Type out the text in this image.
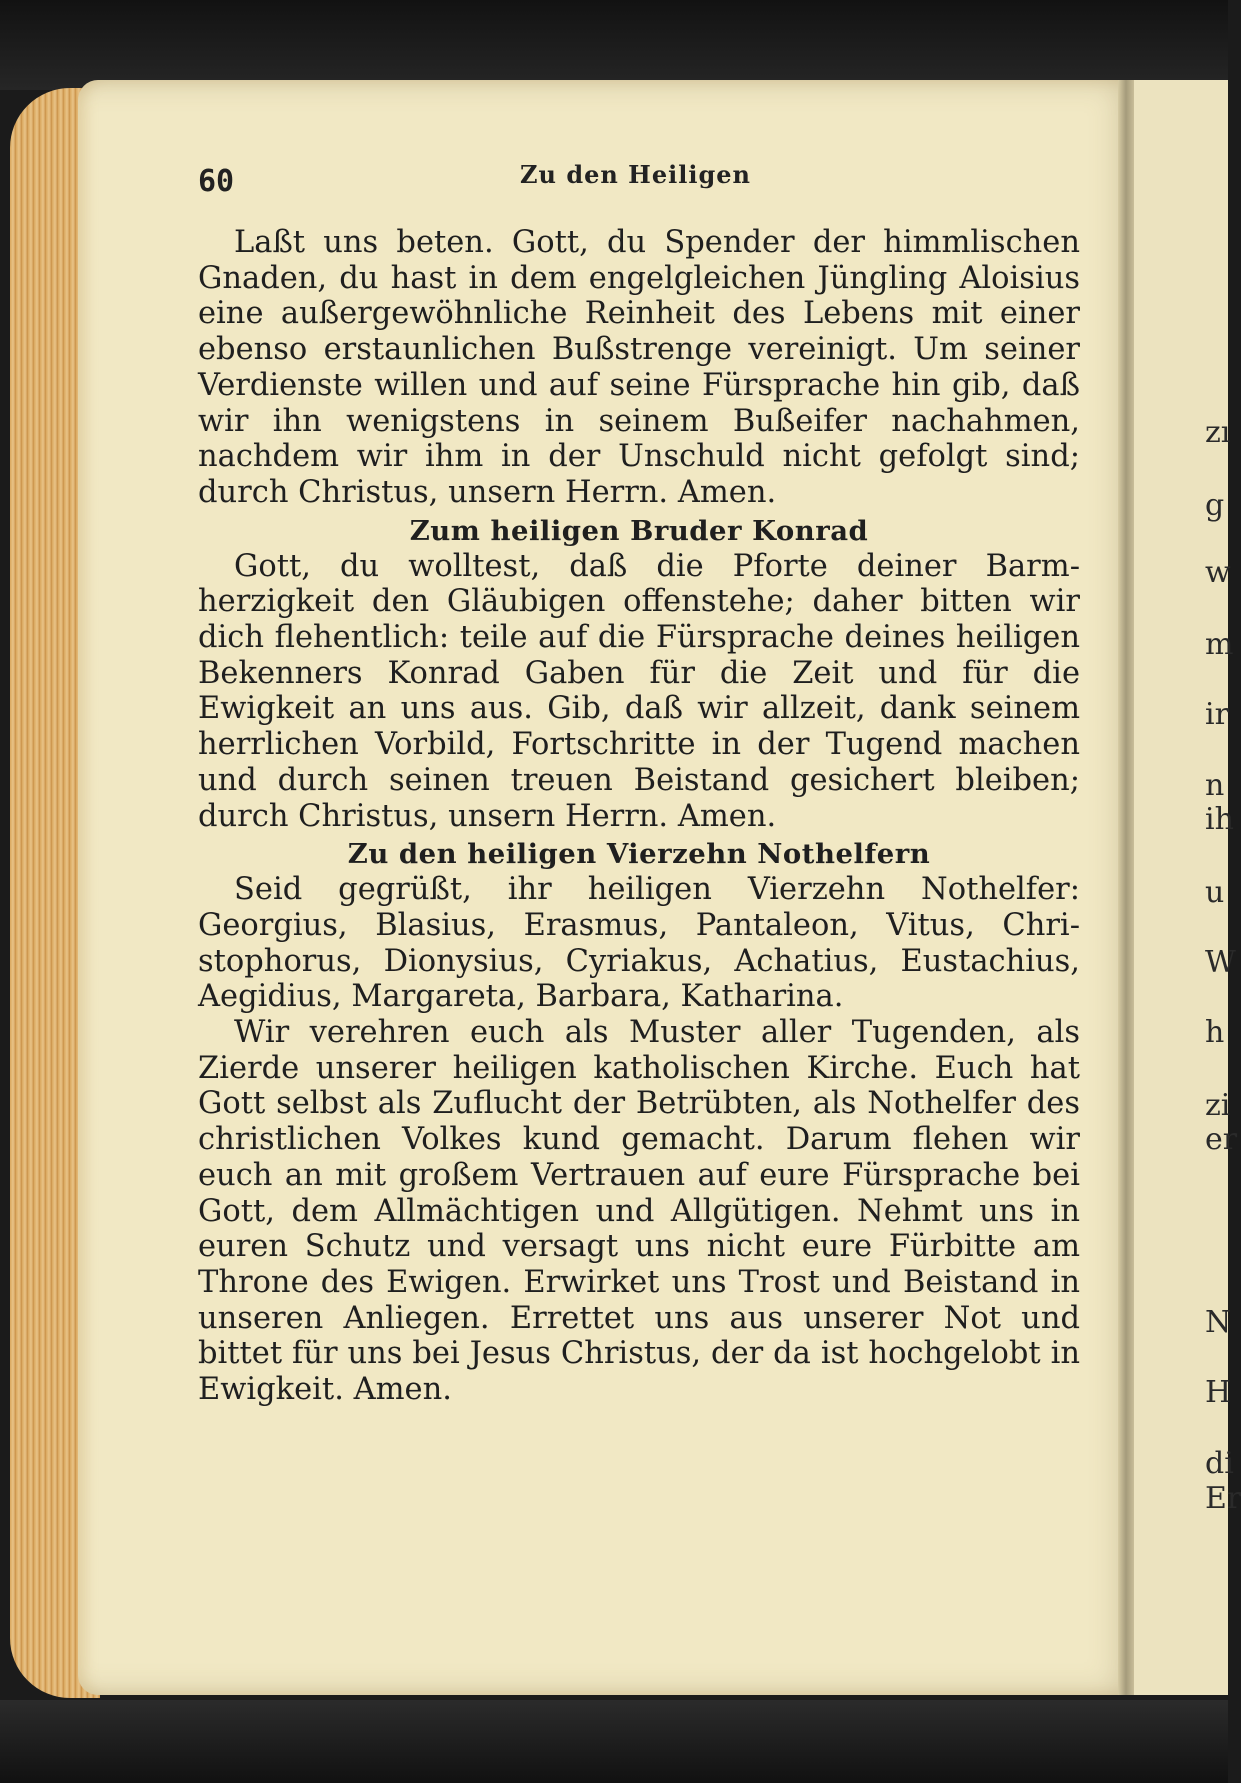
zı
g
w
m
ir
n
ih
u
W
h
zi
er
N
H
di
Er
60	Zu den Heiligen

Laßt uns beten. Gott, du Spender der himmlischen Gnaden, du hast in dem engelgleichen Jüngling Aloisius eine außergewöhnliche Reinheit des Lebens mit einer ebenso erstaunlichen Bußstrenge vereinigt. Um seiner Verdienste willen und auf seine Fürsprache hin gib, daß wir ihn wenigstens in seinem Bußeifer nachahmen, nachdem wir ihm in der Unschuld nicht gefolgt sind; durch Christus, unsern Herrn. Amen.

Zum heiligen Bruder Konrad

Gott, du wolltest, daß die Pforte deiner Barmherzigkeit den Gläubigen offenstehe; daher bitten wir dich flehentlich: teile auf die Fürsprache deines heiligen Bekenners Konrad Gaben für die Zeit und für die Ewigkeit an uns aus. Gib, daß wir allzeit, dank seinem herrlichen Vorbild, Fortschritte in der Tugend machen und durch seinen treuen Beistand gesichert bleiben; durch Christus, unsern Herrn. Amen.

Zu den heiligen Vierzehn Nothelfern

Seid gegrüßt, ihr heiligen Vierzehn Nothelfer: Georgius, Blasius, Erasmus, Pantaleon, Vitus, Christophorus, Dionysius, Cyriakus, Achatius, Eustachius, Aegidius, Margareta, Barbara, Katharina.

Wir verehren euch als Muster aller Tugenden, als Zierde unserer heiligen katholischen Kirche. Euch hat Gott selbst als Zuflucht der Betrübten, als Nothelfer des christlichen Volkes kund gemacht. Darum flehen wir euch an mit großem Vertrauen auf eure Fürsprache bei Gott, dem Allmächtigen und Allgütigen. Nehmt uns in euren Schutz und versagt uns nicht eure Fürbitte am Throne des Ewigen. Erwirket uns Trost und Beistand in unseren Anliegen. Errettet uns aus unserer Not und bittet für uns bei Jesus Christus, der da ist hochgelobt in Ewigkeit. Amen.
